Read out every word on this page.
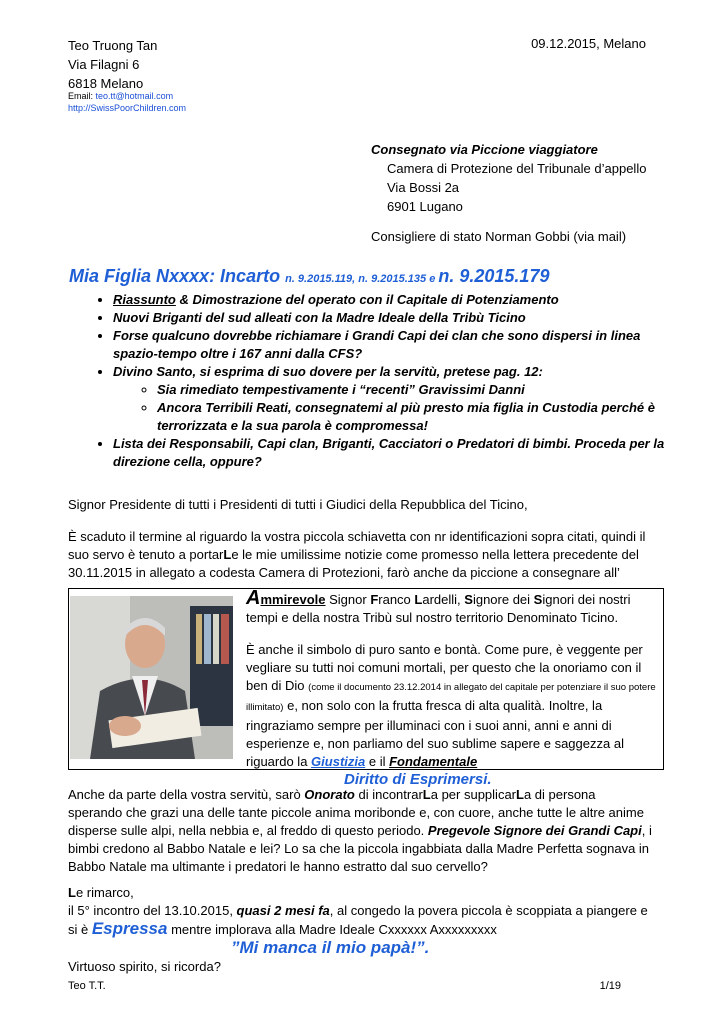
Teo Truong Tan
Via Filagni 6
6818 Melano
09.12.2015, Melano
Email: teo.tt@hotmail.com
http://SwissPoorChildren.com
Consegnato via Piccione viaggiatore
Camera di Protezione del Tribunale d’appello
Via Bossi 2a
6901 Lugano
Consigliere di stato Norman Gobbi (via mail)
Mia Figlia Nxxxx: Incarto n. 9.2015.119, n. 9.2015.135 e n. 9.2015.179
• Riassunto & Dimostrazione del operato con il Capitale di Potenziamento
• Nuovi Briganti del sud alleati con la Madre Ideale della Tribù Ticino
• Forse qualcuno dovrebbe richiamare i Grandi Capi dei clan che sono dispersi in linea spazio-tempo oltre i 167 anni dalla CFS?
• Divino Santo, si esprima di suo dovere per la servitù, pretese pag. 12:
◦ Sia rimediato tempestivamente i “recenti” Gravissimi Danni
◦ Ancora Terribili Reati, consegnatemi al più presto mia figlia in Custodia perché è terrorizzata e la sua parola è compromessa!
• Lista dei Responsabili, Capi clan, Briganti, Cacciatori o Predatori di bimbi. Proceda per la direzione cella, oppure?
Signor Presidente di tutti i Presidenti di tutti i Giudici della Repubblica del Ticino,
È scaduto il termine al riguardo la vostra piccola schiavetta con nr identificazioni sopra citati, quindi il suo servo è tenuto a portarLe le mie umilissime notizie come promesso nella lettera precedente del 30.11.2015 in allegato a codesta Camera di Protezioni, farò anche da piccione a consegnare all’
Ammirevole Signor Franco Lardelli, Signore dei Signori dei nostri tempi e della nostra Tribù sul nostro territorio Denominato Ticino.
È anche il simbolo di puro santo e bontà. Come pure, è veggente per vegliare su tutti noi comuni mortali, per questo che la onoriamo con il ben di Dio (come il documento 23.12.2014 in allegato del capitale per potenziare il suo potere illimitato) e, non solo con la frutta fresca di alta qualità. Inoltre, la ringraziamo sempre per illuminaci con i suoi anni, anni e anni di esperienze e, non parliamo del suo sublime sapere e saggezza al riguardo la Giustizia e il Fondamentale
Diritto di Esprimersi.
Anche da parte della vostra servitù, sarò Onorato di incontrarLa per supplicarLa di persona sperando che grazi una delle tante piccole anima moribonde e, con cuore, anche tutte le altre anime disperse sulle alpi, nella nebbia e, al freddo di questo periodo. Pregevole Signore dei Grandi Capi, i bimbi credono al Babbo Natale e lei? Lo sa che la piccola ingabbiata dalla Madre Perfetta sognava in Babbo Natale ma ultimante i predatori le hanno estratto dal suo cervello?
Le rimarco,
il 5° incontro del 13.10.2015, quasi 2 mesi fa, al congedo la povera piccola è scoppiata a piangere e si è Espressa mentre implorava alla Madre Ideale Cxxxxxx Axxxxxxxxx
”Mi manca il mio papà!”.
Virtuoso spirito, si ricorda?
Teo T.T.	1/19
